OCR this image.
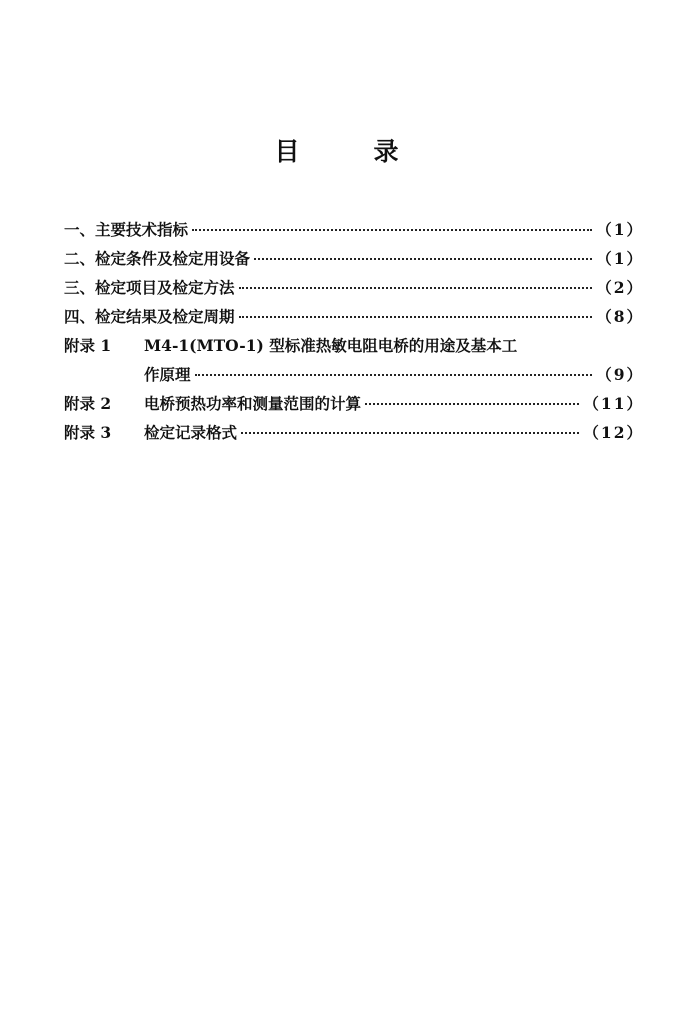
目	录
一、主要技术指标	（1）
二、检定条件及检定用设备	（1）
三、检定项目及检定方法	（2）
四、检定结果及检定周期	（8）
附录 1 M4-1(MTO-1) 型标准热敏电阻电桥的用途及基本工
作原理	（9）
附录 2 电桥预热功率和测量范围的计算	（11）
附录 3 检定记录格式	（12）
